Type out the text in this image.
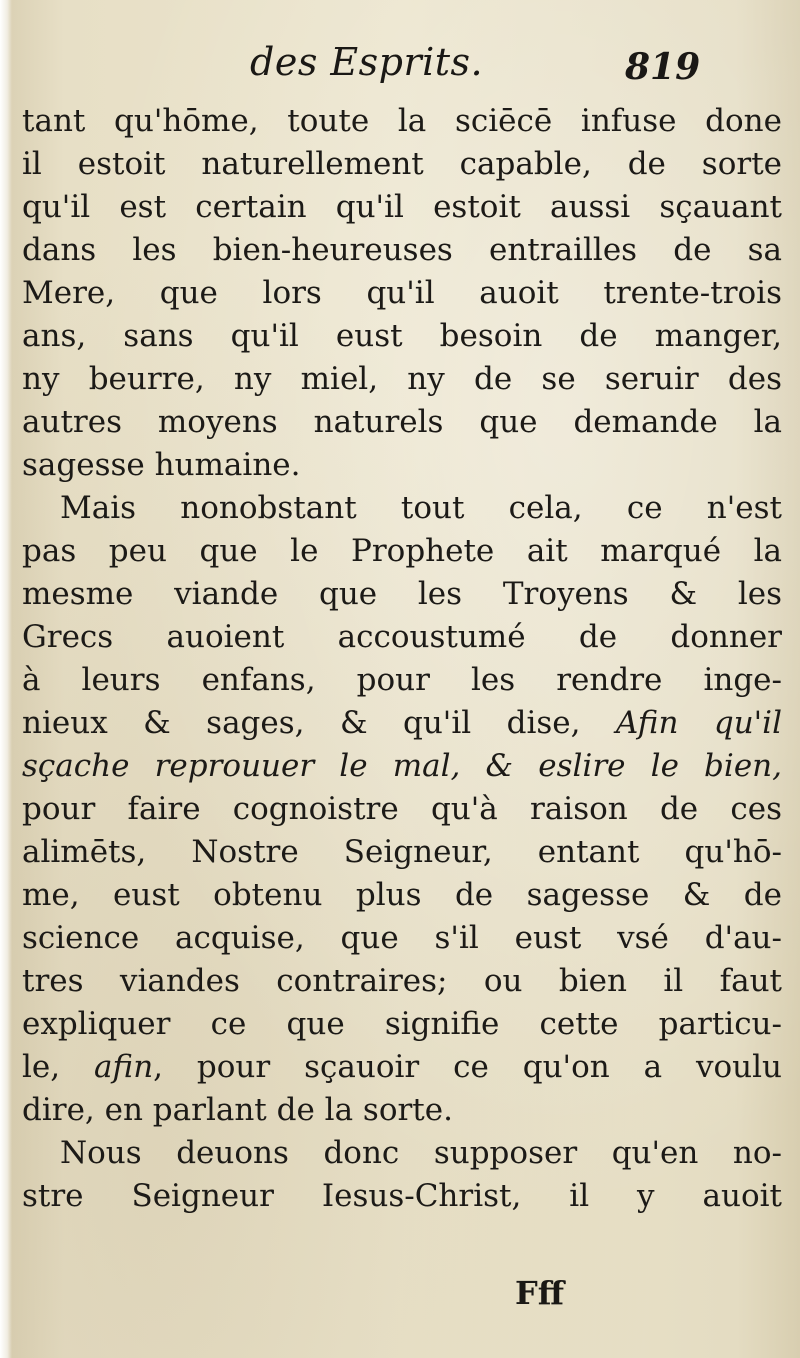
des Esprits.	819
tant qu'hōme, toute la sciēcē infuse done
il estoit naturellement capable, de sorte
qu'il est certain qu'il estoit aussi sçauant
dans les bien-heureuses entrailles de sa
Mere, que lors qu'il auoit trente-trois
ans, sans qu'il eust besoin de manger,
ny beurre, ny miel, ny de se seruir des
autres moyens naturels que demande la
sagesse humaine.
Mais nonobstant tout cela, ce n'est
pas peu que le Prophete ait marqué la
mesme viande que les Troyens & les
Grecs auoient accoustumé de donner
à leurs enfans, pour les rendre inge-
nieux & sages, & qu'il dise, Afin qu'il
sçache reprouuer le mal, & eslire le bien,
pour faire cognoistre qu'à raison de ces
alimēts, Nostre Seigneur, entant qu'hō-
me, eust obtenu plus de sagesse & de
science acquise, que s'il eust vsé d'au-
tres viandes contraires; ou bien il faut
expliquer ce que signifie cette particu-
le, afin, pour sçauoir ce qu'on a voulu
dire, en parlant de la sorte.
Nous deuons donc supposer qu'en no-
stre Seigneur Iesus-Christ, il y auoit
Fff
